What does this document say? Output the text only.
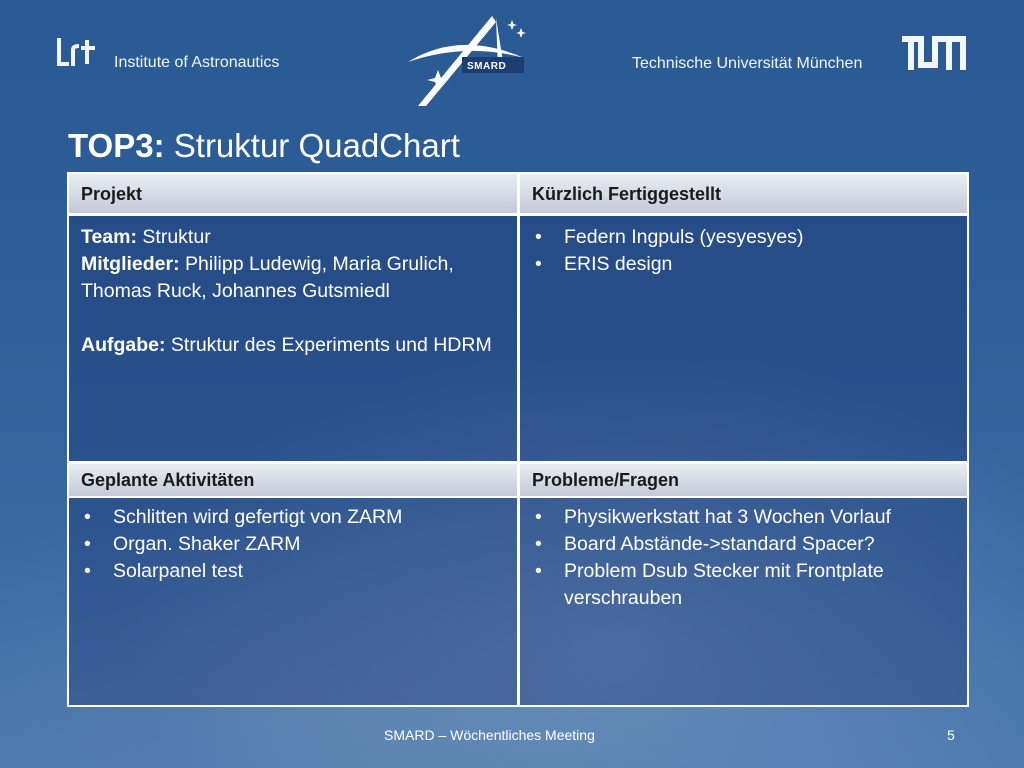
Institute of Astronautics	SMARD	Technische Universität München
TOP3: Struktur QuadChart
Projekt	Kürzlich Fertiggestellt

Team: Struktur

Mitglieder: Philipp Ludewig, Maria Grulich, Thomas Ruck, Johannes Gutsmiedl

Aufgabe: Struktur des Experiments und HDRM

• Federn Ingpuls (yesyesyes)
• ERIS design
Geplante Aktivitäten	Probleme/Fragen
• Schlitten wird gefertigt von ZARM
• Organ. Shaker ZARM
• Solarpanel test
• Physikwerkstatt hat 3 Wochen Vorlauf
• Board Abstände->standard Spacer?
• Problem Dsub Stecker mit Frontplate verschrauben
SMARD – Wöchentliches Meeting	5
